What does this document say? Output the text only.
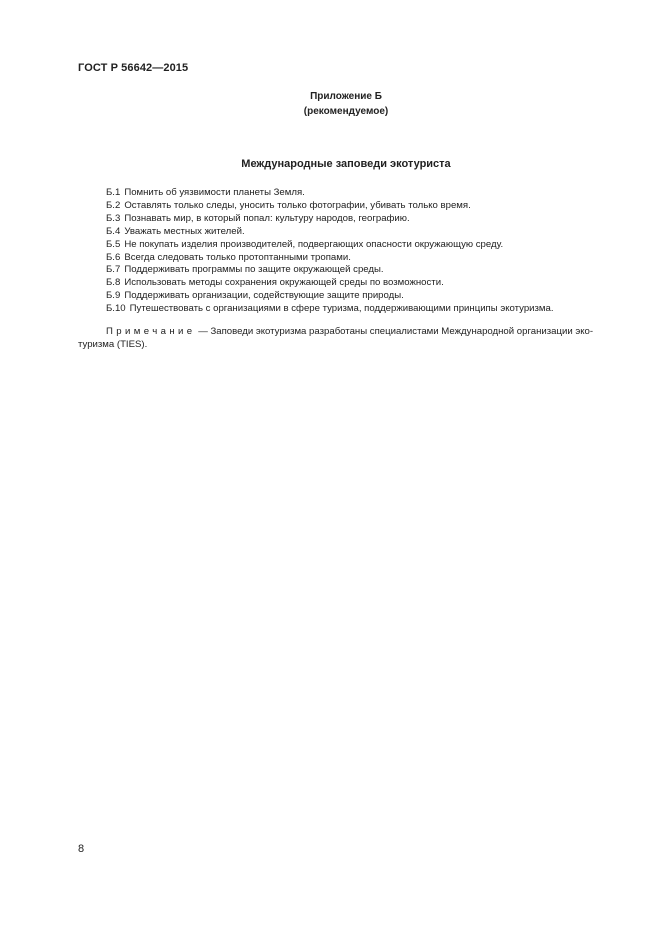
ГОСТ Р 56642—2015
Приложение Б
(рекомендуемое)
Международные заповеди экотуриста
Б.1 Помнить об уязвимости планеты Земля.
Б.2 Оставлять только следы, уносить только фотографии, убивать только время.
Б.3 Познавать мир, в который попал: культуру народов, географию.
Б.4 Уважать местных жителей.
Б.5 Не покупать изделия производителей, подвергающих опасности окружающую среду.
Б.6 Всегда следовать только протоптанными тропами.
Б.7 Поддерживать программы по защите окружающей среды.
Б.8 Использовать методы сохранения окружающей среды по возможности.
Б.9 Поддерживать организации, содействующие защите природы.
Б.10 Путешествовать с организациями в сфере туризма, поддерживающими принципы экотуризма.
Примечание — Заповеди экотуризма разработаны специалистами Международной организации эко-
туризма (TIES).
8
